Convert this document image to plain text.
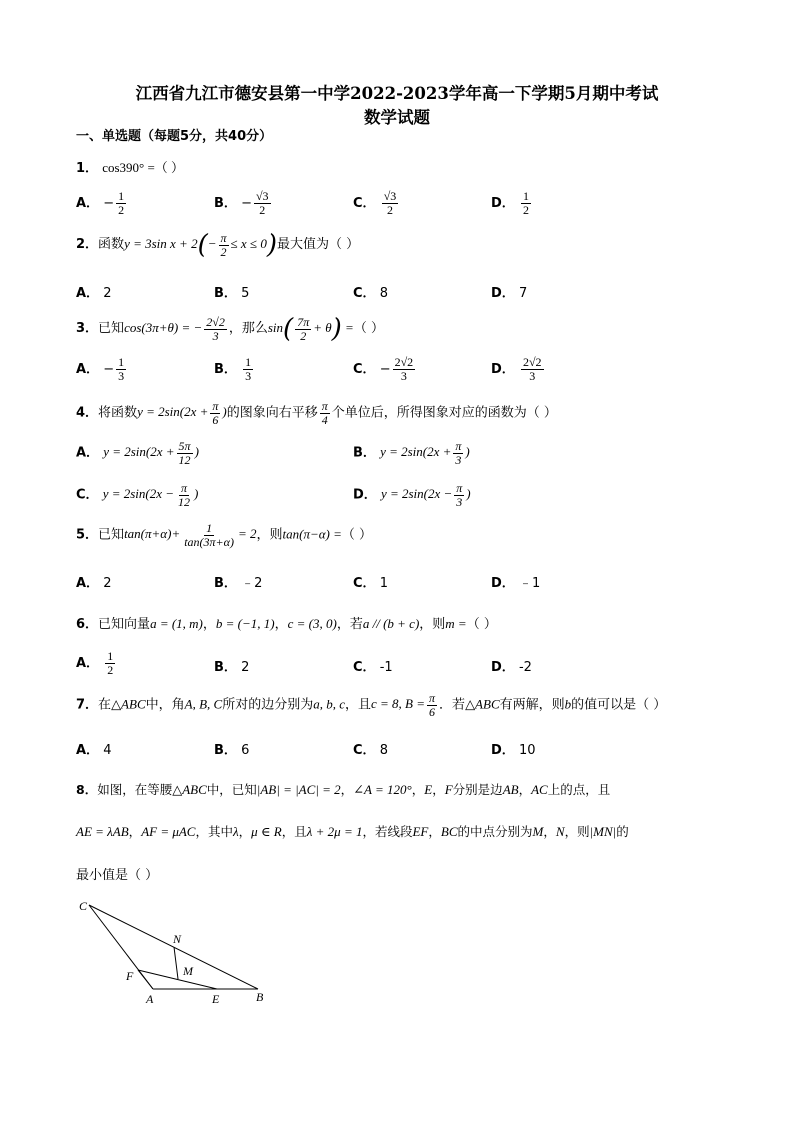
江西省九江市德安县第一中学2022-2023学年高一下学期5月期中考试
数学试题
一、单选题（每题5分，共40分）
1． cos390° =（ ）
A． − $\frac{1}{2}$	B． − $\frac{√3}{2}$	C． $\frac{√3}{2}$	D． $\frac{1}{2}$
2．函数y = 3sin $x + 2(- \frac{\pi}{2} \le x \le 0)$最大值为（ ）
A． 2	B． 5	C． 8	D． 7
3．已知cos(3π+θ) = − $\frac{2√2}{3}$ ，那么$\sin( \frac{7\pi}{2} + \theta)$ =（ ）
A． − $\frac{1}{3}$	B． $\frac{1}{3}$	C． − $\frac{2√2}{3}$	D． $\frac{2√2}{3}$
4．将函数$y = 2\sin(2x + \frac{\pi}{6}$ )的图象向右平移 $\frac{\pi}{4}$ 个单位后，所得图象对应的函数为（ ）
A． $y = 2\sin(2x + \frac{5\pi}{12}$ )	B． $y = 2\sin(2x + \frac{\pi}{3}$ )
C． $y = 2\sin(2x - \frac{\pi}{12}$ )	D． $y = 2\sin(2x - \frac{\pi}{3}$ )
5．已知$\tan(\pi+\alpha)+ \frac{1}{\tan(3\pi+\alpha)} = 2$，则tan(π−α) =（ ）
A． 2	B． ﹣2	C． 1	D． ﹣1
6．已知向量a = (1, m)，b = (−1, 1)，c = (3, 0)，若a // (b + c)，则m =（ ）
A． $\frac{1}{2}$	B． 2	C． -1	D． -2
7．在△ABC中，角A, B, C所对的边分别为a, b, c，且c = 8, $B = \frac{\pi}{6}$ ．若△ABC有两解，则b的值可以是（ ）
A． 4	B． 6	C． 8	D． 10
8．如图，在等腰△ABC中，已知|AB| = |AC| = 2，∠A = 120°，E，F分别是边AB，AC上的点，且
AE = λAB，AF = μAC，其中λ，μ ∈ R，且λ + 2μ = 1，若线段EF，BC的中点分别为M，N，则|MN|的
最小值是（ ）
C
N
M
F
A	E	B
